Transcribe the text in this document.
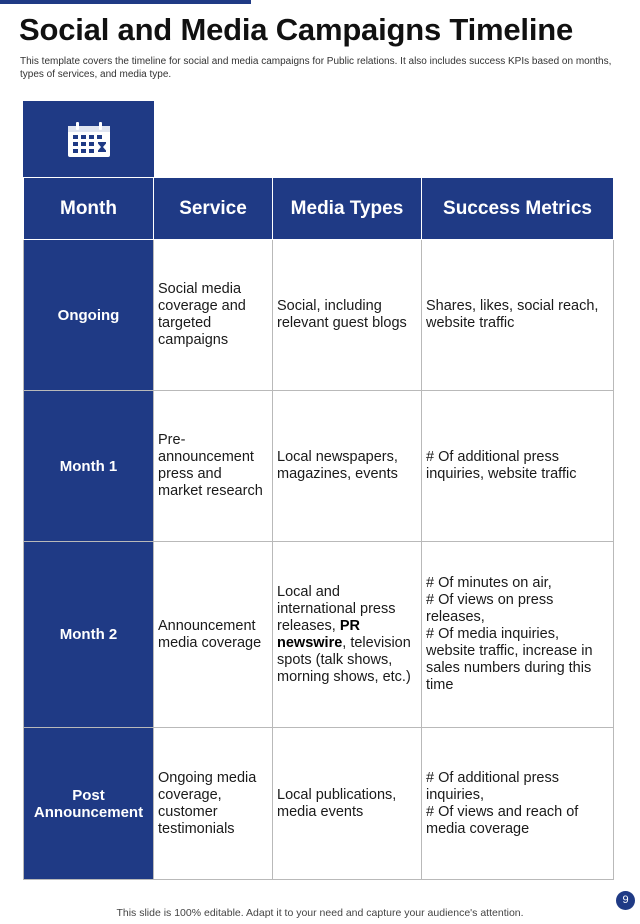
Social and Media Campaigns Timeline

This template covers the timeline for social and media campaigns for Public relations. It also includes success KPIs based on months, types of services, and media type.

Month	Service	Media Types	Success Metrics
Ongoing	Social media coverage and targeted campaigns	Social, including relevant guest blogs	Shares, likes, social reach, website traffic
Month 1	Pre-announcement press and market research	Local newspapers, magazines, events	# Of additional press inquiries, website traffic
Month 2	Announcement media coverage	Local and international press releases, PR newswire, television spots (talk shows, morning shows, etc.)	# Of minutes on air,
# Of views on press releases,
# Of media inquiries, website traffic, increase in sales numbers during this time

Post Announcement	Ongoing media coverage, customer testimonials	Local publications, media events	# Of additional press inquiries,
# Of views and reach of media coverage
9
This slide is 100% editable. Adapt it to your need and capture your audience's attention.
